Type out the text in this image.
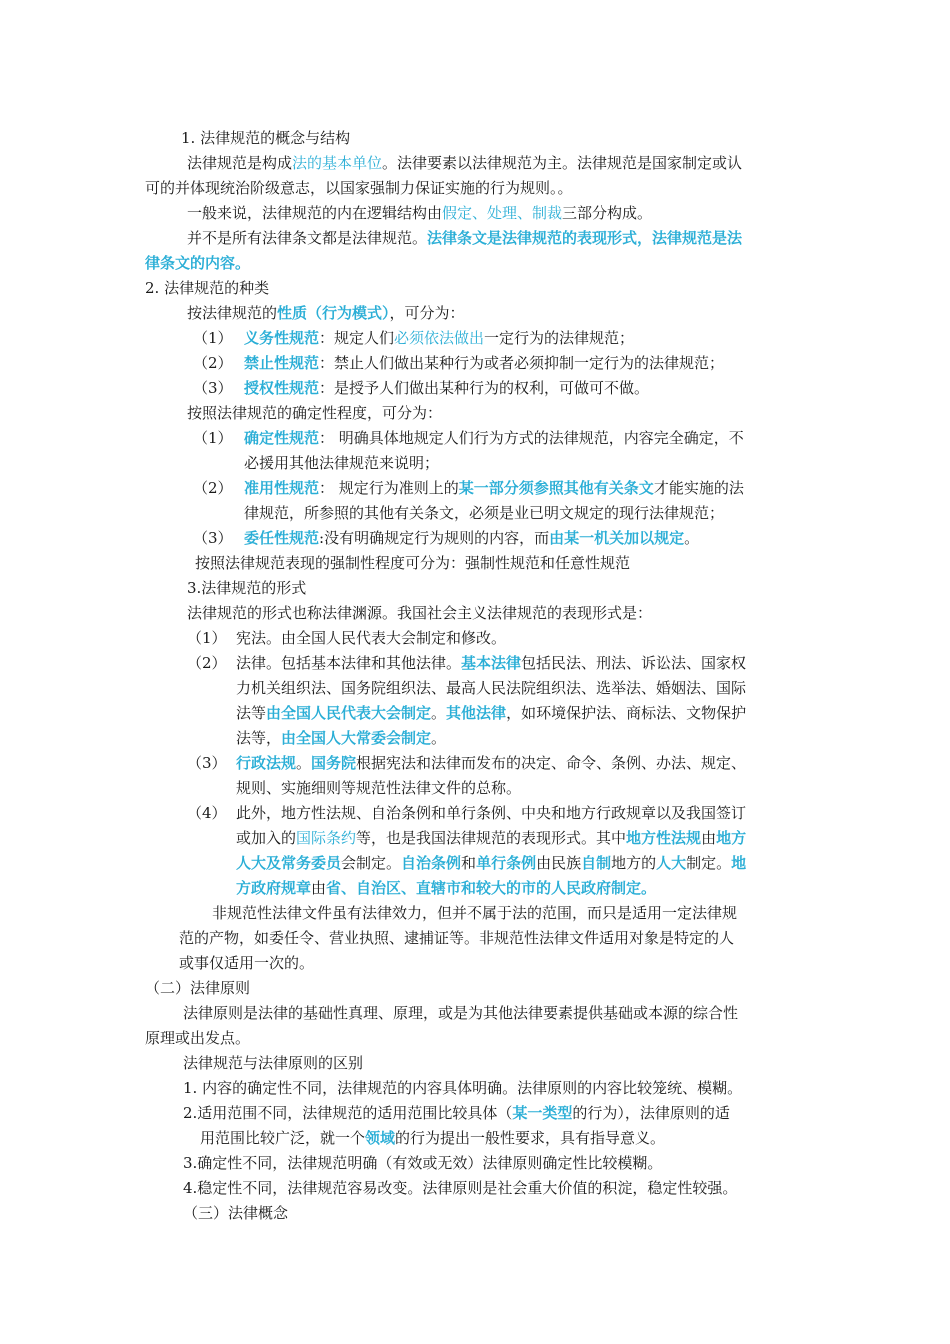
1. 法律规范的概念与结构
法律规范是构成法的基本单位。法律要素以法律规范为主。法律规范是国家制定或认
可的并体现统治阶级意志，以国家强制力保证实施的行为规则。。
一般来说，法律规范的内在逻辑结构由假定、处理、制裁三部分构成。
并不是所有法律条文都是法律规范。法律条文是法律规范的表现形式，法律规范是法
律条文的内容。
2. 法律规范的种类
按法律规范的性质（行为模式），可分为：
（1） 义务性规范：规定人们必须依法做出一定行为的法律规范；
（2） 禁止性规范：禁止人们做出某种行为或者必须抑制一定行为的法律规范；
（3） 授权性规范：是授予人们做出某种行为的权利，可做可不做。
按照法律规范的确定性程度，可分为：
（1） 确定性规范： 明确具体地规定人们行为方式的法律规范，内容完全确定，不
必援用其他法律规范来说明；
（2） 准用性规范： 规定行为准则上的某一部分须参照其他有关条文才能实施的法
律规范，所参照的其他有关条文，必须是业已明文规定的现行法律规范；
（3） 委任性规范:没有明确规定行为规则的内容，而由某一机关加以规定。
按照法律规范表现的强制性程度可分为：强制性规范和任意性规范
3.法律规范的形式
法律规范的形式也称法律渊源。我国社会主义法律规范的表现形式是：
（1） 宪法。由全国人民代表大会制定和修改。
（2） 法律。包括基本法律和其他法律。基本法律包括民法、刑法、诉讼法、国家权
力机关组织法、国务院组织法、最高人民法院组织法、选举法、婚姻法、国际
法等由全国人民代表大会制定。其他法律，如环境保护法、商标法、文物保护
法等，由全国人大常委会制定。
（3） 行政法规。国务院根据宪法和法律而发布的决定、命令、条例、办法、规定、
规则、实施细则等规范性法律文件的总称。
（4） 此外，地方性法规、自治条例和单行条例、中央和地方行政规章以及我国签订
或加入的国际条约等，也是我国法律规范的表现形式。其中地方性法规由地方
人大及常务委员会制定。自治条例和单行条例由民族自制地方的人大制定。地
方政府规章由省、自治区、直辖市和较大的市的人民政府制定。
非规范性法律文件虽有法律效力，但并不属于法的范围，而只是适用一定法律规
范的产物，如委任令、营业执照、逮捕证等。非规范性法律文件适用对象是特定的人
或事仅适用一次的。
（二）法律原则
法律原则是法律的基础性真理、原理，或是为其他法律要素提供基础或本源的综合性
原理或出发点。
法律规范与法律原则的区别
1. 内容的确定性不同，法律规范的内容具体明确。法律原则的内容比较笼统、模糊。
2.适用范围不同，法律规范的适用范围比较具体（某一类型的行为），法律原则的适
用范围比较广泛，就一个领域的行为提出一般性要求，具有指导意义。
3.确定性不同，法律规范明确（有效或无效）法律原则确定性比较模糊。
4.稳定性不同，法律规范容易改变。法律原则是社会重大价值的积淀，稳定性较强。
（三）法律概念
